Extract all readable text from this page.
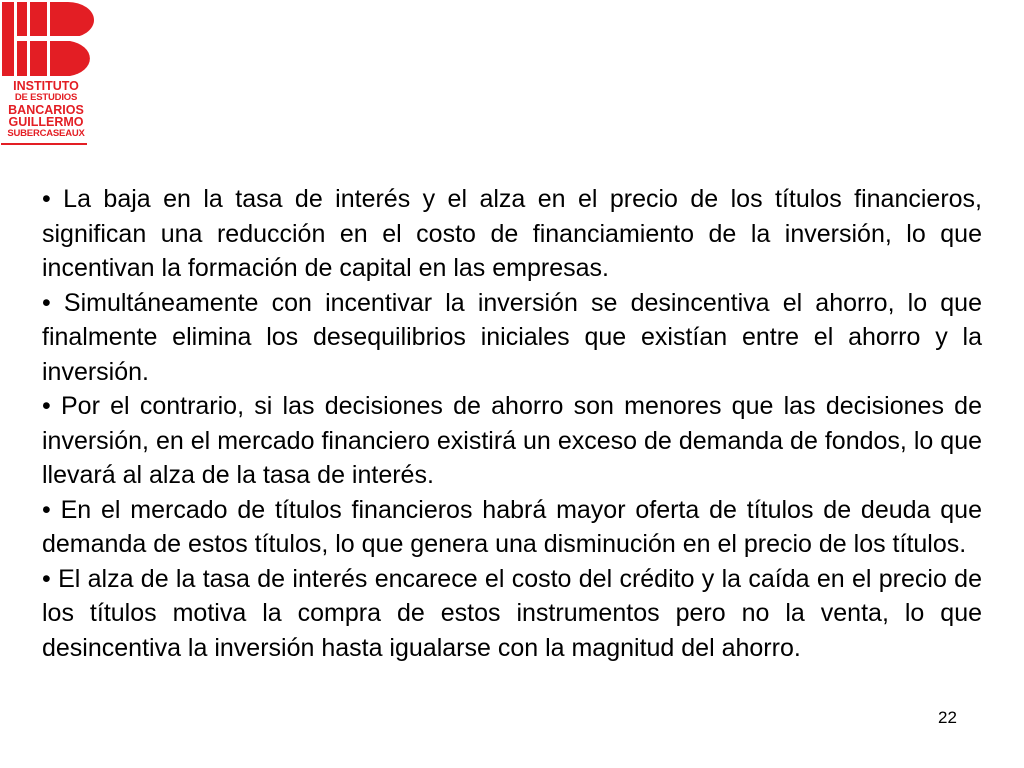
INSTITUTO
DE ESTUDIOS
BANCARIOS
GUILLERMO
SUBERCASEAUX

• La baja en la tasa de interés y el alza en el precio de los títulos financieros, significan una reducción en el costo de financiamiento de la inversión, lo que incentivan la formación de capital en las empresas.

• Simultáneamente con incentivar la inversión se desincentiva el ahorro, lo que finalmente elimina los desequilibrios iniciales que existían entre el ahorro y la inversión.

• Por el contrario, si las decisiones de ahorro son menores que las decisiones de inversión, en el mercado financiero existirá un exceso de demanda de fondos, lo que llevará al alza de la tasa de interés.

• En el mercado de títulos financieros habrá mayor oferta de títulos de deuda que demanda de estos títulos, lo que genera una disminución en el precio de los títulos.

• El alza de la tasa de interés encarece el costo del crédito y la caída en el precio de los títulos motiva la compra de estos instrumentos pero no la venta, lo que desincentiva la inversión hasta igualarse con la magnitud del ahorro.

22
